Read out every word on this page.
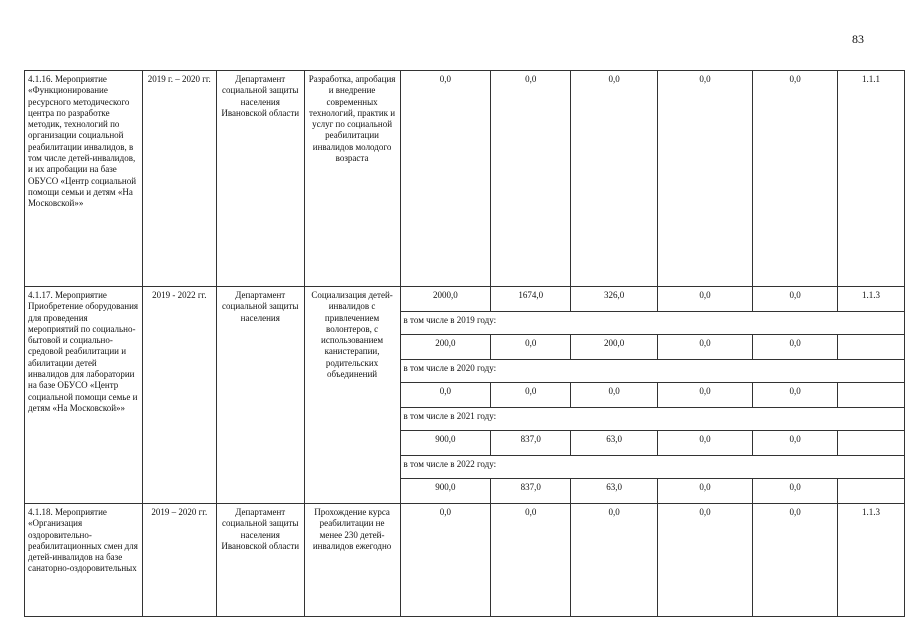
83
4.1.16. Мероприятие «Функционирование ресурсного методического центра по разработке методик, технологий по организации социальной реабилитации инвалидов, в том числе детей-инвалидов, и их апробации на базе ОБУСО «Центр социальной помощи семьи и детям «На Московской»»	2019 г. – 2020 гг.	Департамент социальной защиты населения Ивановской области	Разработка, апробация и внедрение современных технологий, практик и услуг по социальной реабилитации инвалидов молодого возраста	0,0	0,0	0,0	0,0	0,0	1.1.1
4.1.17. Мероприятие Приобретение оборудования для проведения мероприятий по социально-бытовой и социально-средовой реабилитации и абилитации детей инвалидов для лаборатории на базе ОБУСО «Центр социальной помощи семье и детям «На Московской»»	2019 - 2022 гг.	Департамент социальной защиты населения	Социализация детей-инвалидов с привлечением волонтеров, с использованием канистерапии, родительских объединений	2000,0	1674,0	326,0	0,0	0,0	1.1.3
				в том числе в 2019 году:					
				200,0	0,0	200,0	0,0	0,0	
				в том числе в 2020 году:					
				0,0	0,0	0,0	0,0	0,0	
				в том числе в 2021 году:					
				900,0	837,0	63,0	0,0	0,0	
				в том числе в 2022 году:					
				900,0	837,0	63,0	0,0	0,0	
4.1.18. Мероприятие «Организация оздоровительно-реабилитационных смен для детей-инвалидов на базе санаторно-оздоровительных	2019 – 2020 гг.	Департамент социальной защиты населения Ивановской области	Прохождение курса реабилитации не менее 230 детей-инвалидов ежегодно	0,0	0,0	0,0	0,0	0,0	1.1.3
